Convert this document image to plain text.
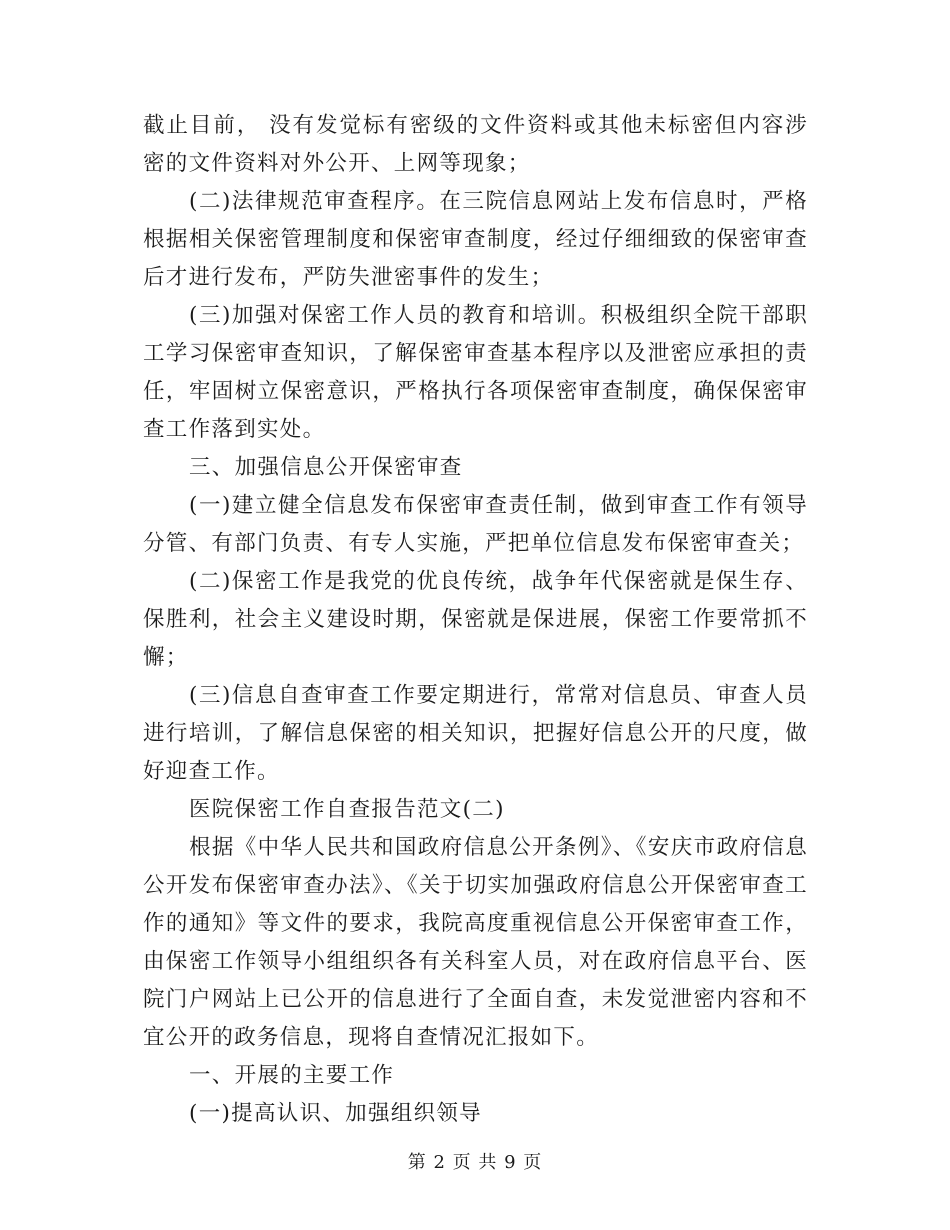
截止目前， 没有发觉标有密级的文件资料或其他未标密但内容涉密的文件资料对外公开、上网等现象；

(二)法律规范审查程序。在三院信息网站上发布信息时，严格根据相关保密管理制度和保密审查制度，经过仔细细致的保密审查后才进行发布，严防失泄密事件的发生；

(三)加强对保密工作人员的教育和培训。积极组织全院干部职工学习保密审查知识，了解保密审查基本程序以及泄密应承担的责任，牢固树立保密意识，严格执行各项保密审查制度，确保保密审查工作落到实处。

三、加强信息公开保密审查

(一)建立健全信息发布保密审查责任制，做到审查工作有领导分管、有部门负责、有专人实施，严把单位信息发布保密审查关；

(二)保密工作是我党的优良传统，战争年代保密就是保生存、保胜利，社会主义建设时期，保密就是保进展，保密工作要常抓不懈；

(三)信息自查审查工作要定期进行，常常对信息员、审查人员进行培训，了解信息保密的相关知识，把握好信息公开的尺度，做好迎查工作。

医院保密工作自查报告范文(二)

根据《中华人民共和国政府信息公开条例》、《安庆市政府信息公开发布保密审查办法》、《关于切实加强政府信息公开保密审查工作的通知》等文件的要求，我院高度重视信息公开保密审查工作，由保密工作领导小组组织各有关科室人员，对在政府信息平台、医院门户网站上已公开的信息进行了全面自查，未发觉泄密内容和不宜公开的政务信息，现将自查情况汇报如下。

一、开展的主要工作

(一)提高认识、加强组织领导

第 2 页 共 9 页
